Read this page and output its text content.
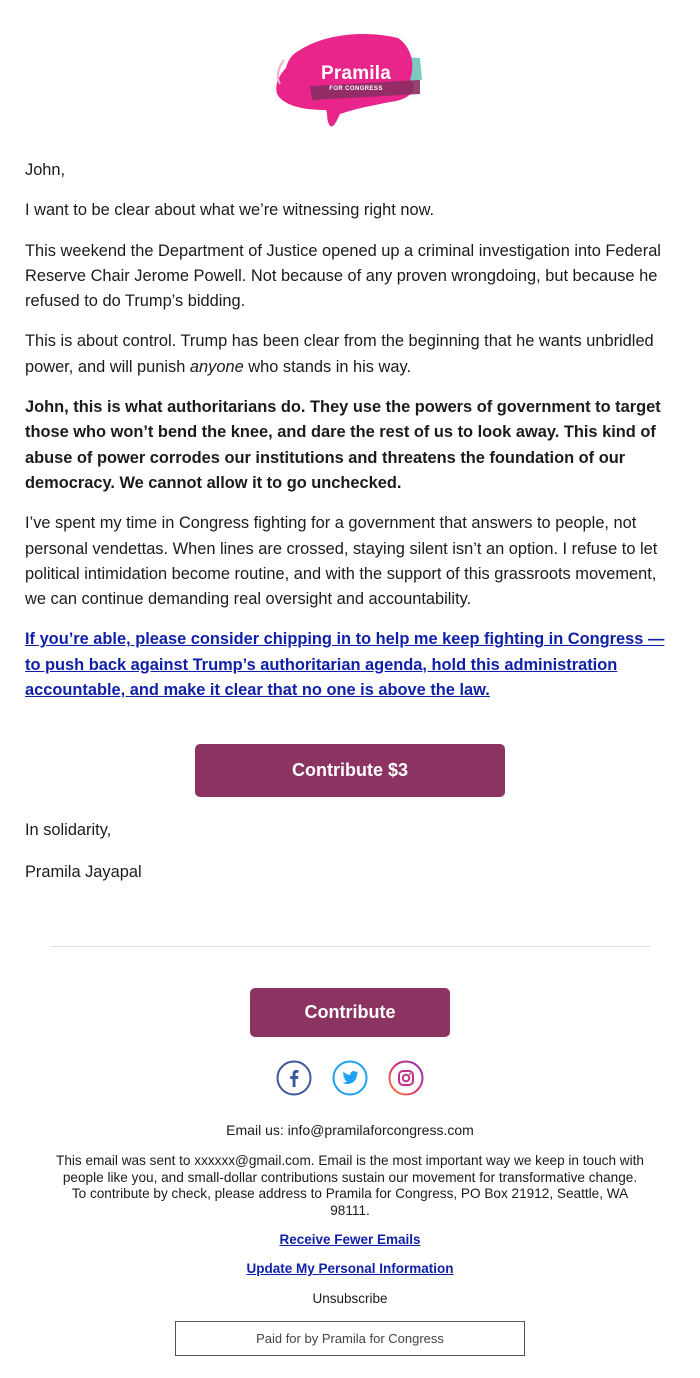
Pramila
FOR CONGRESS

John,

I want to be clear about what we’re witnessing right now.

This weekend the Department of Justice opened up a criminal investigation into Federal Reserve Chair Jerome Powell. Not because of any proven wrongdoing, but because he refused to do Trump’s bidding.

This is about control. Trump has been clear from the beginning that he wants unbridled power, and will punish anyone who stands in his way.

John, this is what authoritarians do. They use the powers of government to target those who won’t bend the knee, and dare the rest of us to look away. This kind of abuse of power corrodes our institutions and threatens the foundation of our democracy. We cannot allow it to go unchecked.

I’ve spent my time in Congress fighting for a government that answers to people, not personal vendettas. When lines are crossed, staying silent isn’t an option. I refuse to let political intimidation become routine, and with the support of this grassroots movement, we can continue demanding real oversight and accountability.

If you’re able, please consider chipping in to help me keep fighting in Congress — to push back against Trump’s authoritarian agenda, hold this administration accountable, and make it clear that no one is above the law.

Contribute $3
In solidarity,
Pramila Jayapal
Contribute
Email us: info@pramilaforcongress.com
This email was sent to xxxxxx@gmail.com. Email is the most important way we keep in touch with people like you, and small-dollar contributions sustain our movement for transformative change. To contribute by check, please address to Pramila for Congress, PO Box 21912, Seattle, WA 98111.
Receive Fewer Emails
Update My Personal Information
Unsubscribe
Paid for by Pramila for Congress
